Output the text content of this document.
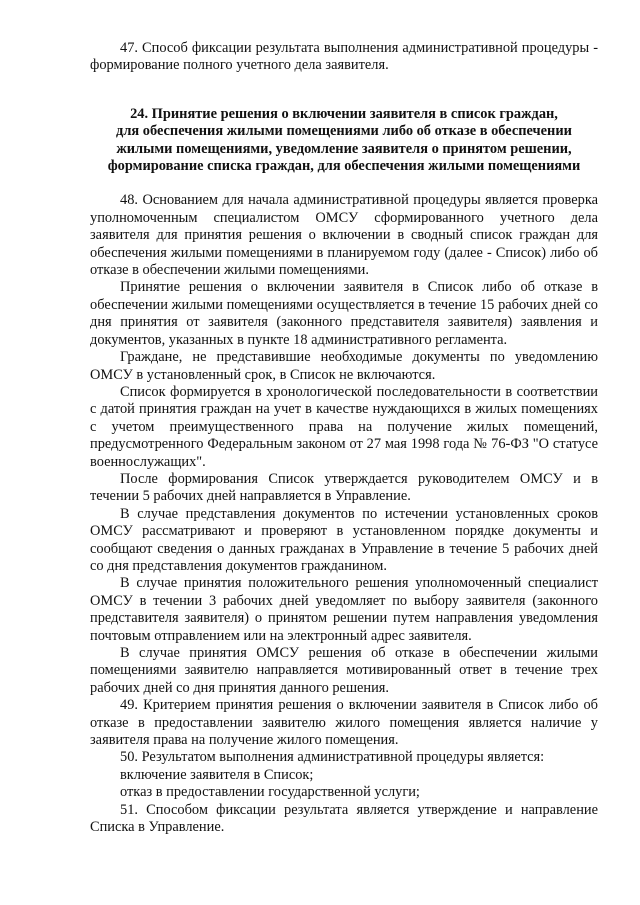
47. Способ фиксации результата выполнения административной процедуры - формирование полного учетного дела заявителя.

24. Принятие решения о включении заявителя в список граждан,
для обеспечения жилыми помещениями либо об отказе в обеспечении
жилыми помещениями, уведомление заявителя о принятом решении,
формирование списка граждан, для обеспечения жилыми помещениями

48. Основанием для начала административной процедуры является проверка уполномоченным специалистом ОМСУ сформированного учетного дела заявителя для принятия решения о включении в сводный список граждан для обеспечения жилыми помещениями в планируемом году (далее - Список) либо об отказе в обеспечении жилыми помещениями.

Принятие решения о включении заявителя в Список либо об отказе в обеспечении жилыми помещениями осуществляется в течение 15 рабочих дней со дня принятия от заявителя (законного представителя заявителя) заявления и документов, указанных в пункте 18 административного регламента.

Граждане, не представившие необходимые документы по уведомлению ОМСУ в установленный срок, в Список не включаются.

Список формируется в хронологической последовательности в соответствии с датой принятия граждан на учет в качестве нуждающихся в жилых помещениях с учетом преимущественного права на получение жилых помещений, предусмотренного Федеральным законом от 27 мая 1998 года № 76-ФЗ "О статусе военнослужащих".

После формирования Список утверждается руководителем ОМСУ и в течении 5 рабочих дней направляется в Управление.

В случае представления документов по истечении установленных сроков ОМСУ рассматривают и проверяют в установленном порядке документы и сообщают сведения о данных гражданах в Управление в течение 5 рабочих дней со дня представления документов гражданином.

В случае принятия положительного решения уполномоченный специалист ОМСУ в течении 3 рабочих дней уведомляет по выбору заявителя (законного представителя заявителя) о принятом решении путем направления уведомления почтовым отправлением или на электронный адрес заявителя.

В случае принятия ОМСУ решения об отказе в обеспечении жилыми помещениями заявителю направляется мотивированный ответ в течение трех рабочих дней со дня принятия данного решения.

49. Критерием принятия решения о включении заявителя в Список либо об отказе в предоставлении заявителю жилого помещения является наличие у заявителя права на получение жилого помещения.

50. Результатом выполнения административной процедуры является:

включение заявителя в Список;

отказ в предоставлении государственной услуги;

51. Способом фиксации результата является утверждение и направление Списка в Управление.
